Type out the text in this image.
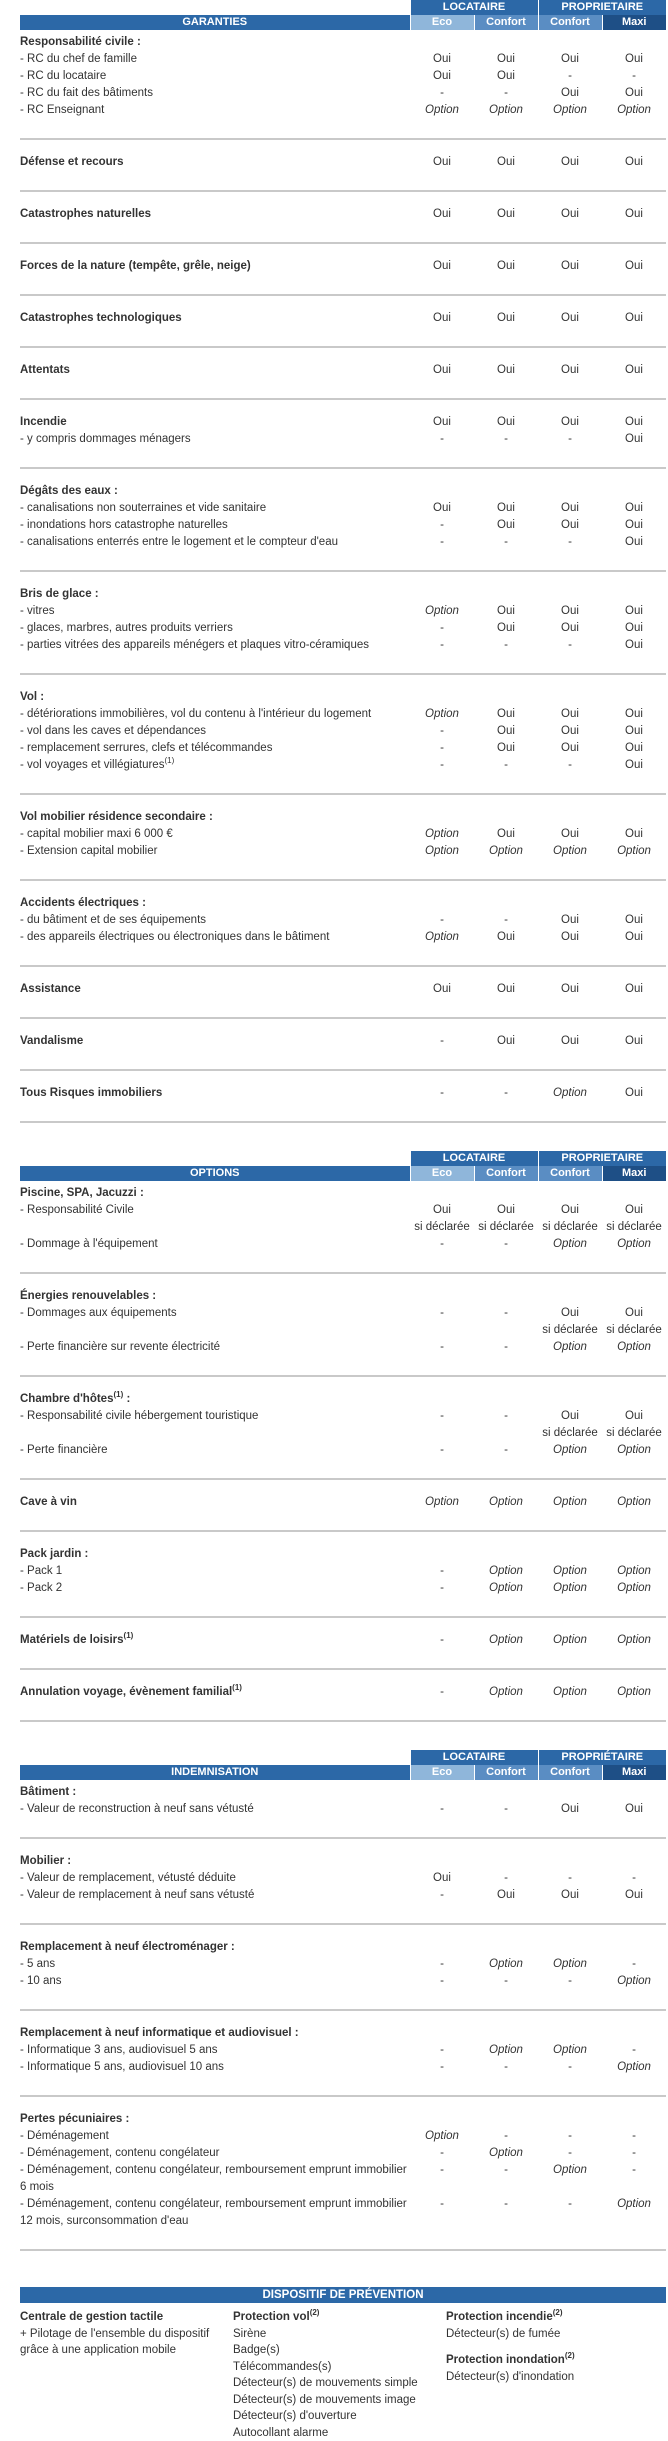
	LOCATAIRE		PROPRIETAIRE	
GARANTIES	Eco	Confort	Confort	Maxi
Responsabilité civile :				
- RC du chef de famille	Oui	Oui	Oui	Oui
- RC du locataire	Oui	Oui	-	-
- RC du fait des bâtiments	-	-	Oui	Oui
- RC Enseignant	Option	Option	Option	Option

Défense et recours	Oui	Oui	Oui	Oui

Catastrophes naturelles	Oui	Oui	Oui	Oui

Forces de la nature (tempête, grêle, neige)	Oui	Oui	Oui	Oui

Catastrophes technologiques	Oui	Oui	Oui	Oui

Attentats	Oui	Oui	Oui	Oui

Incendie	Oui	Oui	Oui	Oui
- y compris dommages ménagers	-	-	-	Oui

Dégâts des eaux :				
- canalisations non souterraines et vide sanitaire	Oui	Oui	Oui	Oui
- inondations hors catastrophe naturelles	-	Oui	Oui	Oui
- canalisations enterrés entre le logement et le compteur d'eau	-	-	-	Oui

Bris de glace :				
- vitres	Option	Oui	Oui	Oui
- glaces, marbres, autres produits verriers	-	Oui	Oui	Oui
- parties vitrées des appareils ménégers et plaques vitro-céramiques	-	-	-	Oui

Vol :				
- détériorations immobilières, vol du contenu à l'intérieur du logement	Option	Oui	Oui	Oui
- vol dans les caves et dépendances	-	Oui	Oui	Oui
- remplacement serrures, clefs et télécommandes	-	Oui	Oui	Oui
- vol voyages et villégiatures$^{(1)}$	-	-	-	Oui

Vol mobilier résidence secondaire :				
- capital mobilier maxi 6 000 €	Option	Oui	Oui	Oui
- Extension capital mobilier	Option	Option	Option	Option

Accidents électriques :				
- du bâtiment et de ses équipements	-	-	Oui	Oui
- des appareils électriques ou électroniques dans le bâtiment	Option	Oui	Oui	Oui

Assistance	Oui	Oui	Oui	Oui

Vandalisme	-	Oui	Oui	Oui

Tous Risques immobiliers	-	-	Option	Oui

	LOCATAIRE		PROPRIETAIRE	
OPTIONS	Eco	Confort	Confort	Maxi
Piscine, SPA, Jacuzzi :				
- Responsabilité Civile	Oui	Oui	Oui	Oui
	si déclarée	si déclarée	si déclarée	si déclarée
- Dommage à l'équipement	-	-	Option	Option

Énergies renouvelables :				
- Dommages aux équipements	-	-	Oui	Oui
			si déclarée	si déclarée
- Perte financière sur revente électricité	-	-	Option	Option

Chambre d'hôtes$^{(1)}$ :				
- Responsabilité civile hébergement touristique	-	-	Oui	Oui
			si déclarée	si déclarée
- Perte financière	-	-	Option	Option

Cave à vin	Option	Option	Option	Option

Pack jardin :				
- Pack 1	-	Option	Option	Option
- Pack 2	-	Option	Option	Option

Matériels de loisirs$^{(1)}$	-	Option	Option	Option

Annulation voyage, évènement familial$^{(1)}$	-	Option	Option	Option

	LOCATAIRE		PROPRIÉTAIRE	
INDEMNISATION	Eco	Confort	Confort	Maxi
Bâtiment :				
- Valeur de reconstruction à neuf sans vétusté	-	-	Oui	Oui

Mobilier :				
- Valeur de remplacement, vétusté déduite	Oui	-	-	-
- Valeur de remplacement à neuf sans vétusté	-	Oui	Oui	Oui

Remplacement à neuf électroménager :				
- 5 ans	-	Option	Option	-
- 10 ans	-	-	-	Option

Remplacement à neuf informatique et audiovisuel :				
- Informatique 3 ans, audiovisuel 5 ans	-	Option	Option	-
- Informatique 5 ans, audiovisuel 10 ans	-	-	-	Option

Pertes pécuniaires :				
- Déménagement	Option	-	-	-
- Déménagement, contenu congélateur	-	Option	-	-
- Déménagement, contenu congélateur, remboursement emprunt immobilier 6 mois	-	-	Option	-
- Déménagement, contenu congélateur, remboursement emprunt immobilier 12 mois, surconsommation d'eau	-	-	-	Option

DISPOSITIF DE PRÉVENTION
Centrale de gestion tactile
+ Pilotage de l'ensemble du dispositif grâce à une application mobile
Protection vol$^{(2)}$
Sirène
Badge(s)
Télécommandes(s)
Détecteur(s) de mouvements simple
Détecteur(s) de mouvements image
Détecteur(s) d'ouverture
Autocollant alarme
Protection incendie$^{(2)}$
Détecteur(s) de fumée
Protection inondation$^{(2)}$
Détecteur(s) d'inondation
